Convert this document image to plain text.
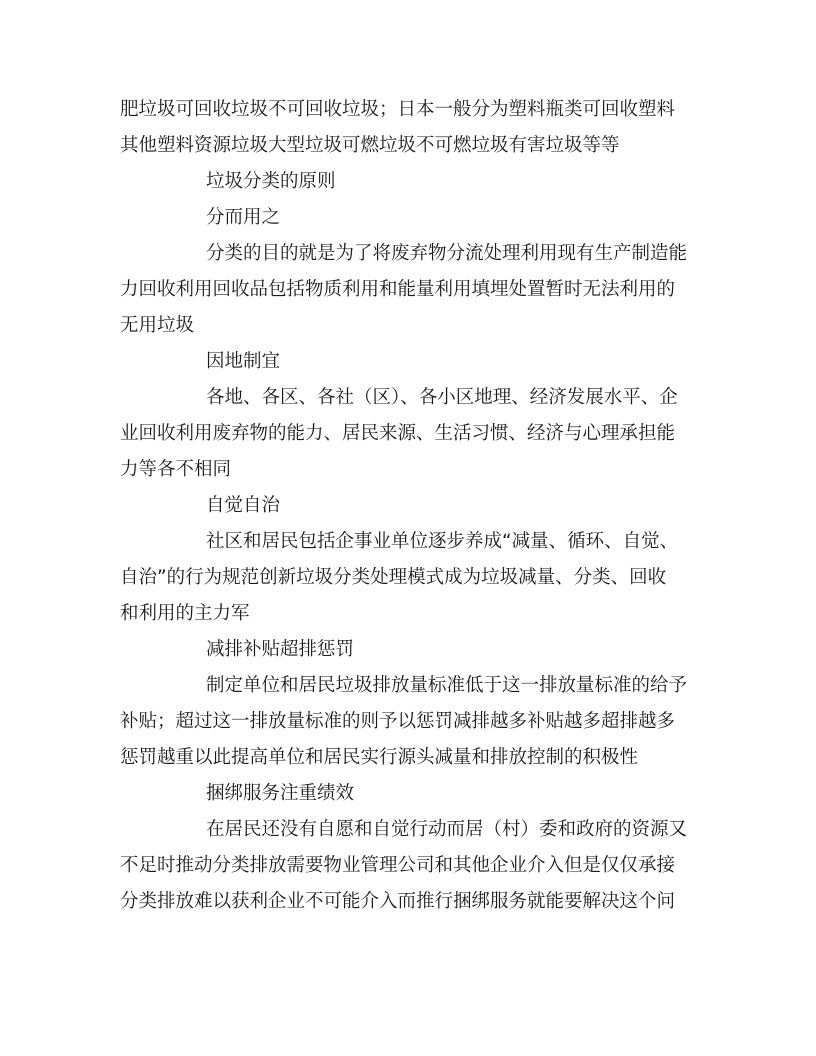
肥垃圾可回收垃圾不可回收垃圾；日本一般分为塑料瓶类可回收塑料
其他塑料资源垃圾大型垃圾可燃垃圾不可燃垃圾有害垃圾等等
垃圾分类的原则
分而用之
分类的目的就是为了将废弃物分流处理利用现有生产制造能
力回收利用回收品包括物质利用和能量利用填埋处置暂时无法利用的
无用垃圾
因地制宜
各地、各区、各社（区）、各小区地理、经济发展水平、企
业回收利用废弃物的能力、居民来源、生活习惯、经济与心理承担能
力等各不相同
自觉自治
社区和居民包括企事业单位逐步养成“减量、循环、自觉、
自治”的行为规范创新垃圾分类处理模式成为垃圾减量、分类、回收
和利用的主力军
减排补贴超排惩罚
制定单位和居民垃圾排放量标准低于这一排放量标准的给予
补贴；超过这一排放量标准的则予以惩罚减排越多补贴越多超排越多
惩罚越重以此提高单位和居民实行源头减量和排放控制的积极性
捆绑服务注重绩效
在居民还没有自愿和自觉行动而居（村）委和政府的资源又
不足时推动分类排放需要物业管理公司和其他企业介入但是仅仅承接
分类排放难以获利企业不可能介入而推行捆绑服务就能要解决这个问
